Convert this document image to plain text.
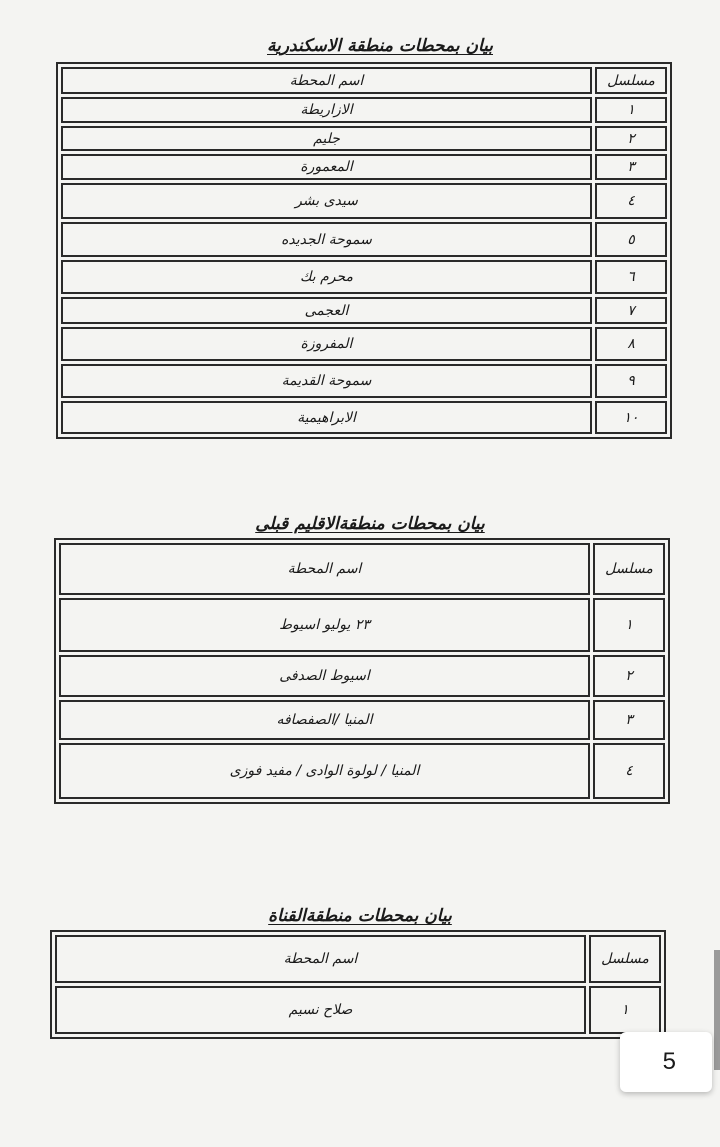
بيان بمحطات منطقة الاسكندرية
مسلسل	اسم المحطة
١	الازاريطة
٢	جليم
٣	المعمورة
٤	سيدى بشر
٥	سموحة الجديده
٦	محرم بك
٧	العجمى
٨	المفروزة
٩	سموحة القديمة
١٠	الابراهيمية
بيان بمحطات منطقةالاقليم قبلى
مسلسل	اسم المحطة
١	٢٣ يوليو اسيوط
٢	اسيوط الصدفى
٣	المنيا /الصفصافه
٤	المنيا / لولوة الوادى / مفيد فوزى
بيان بمحطات منطقةالقناة
مسلسل	اسم المحطة
١	صلاح نسيم
5
